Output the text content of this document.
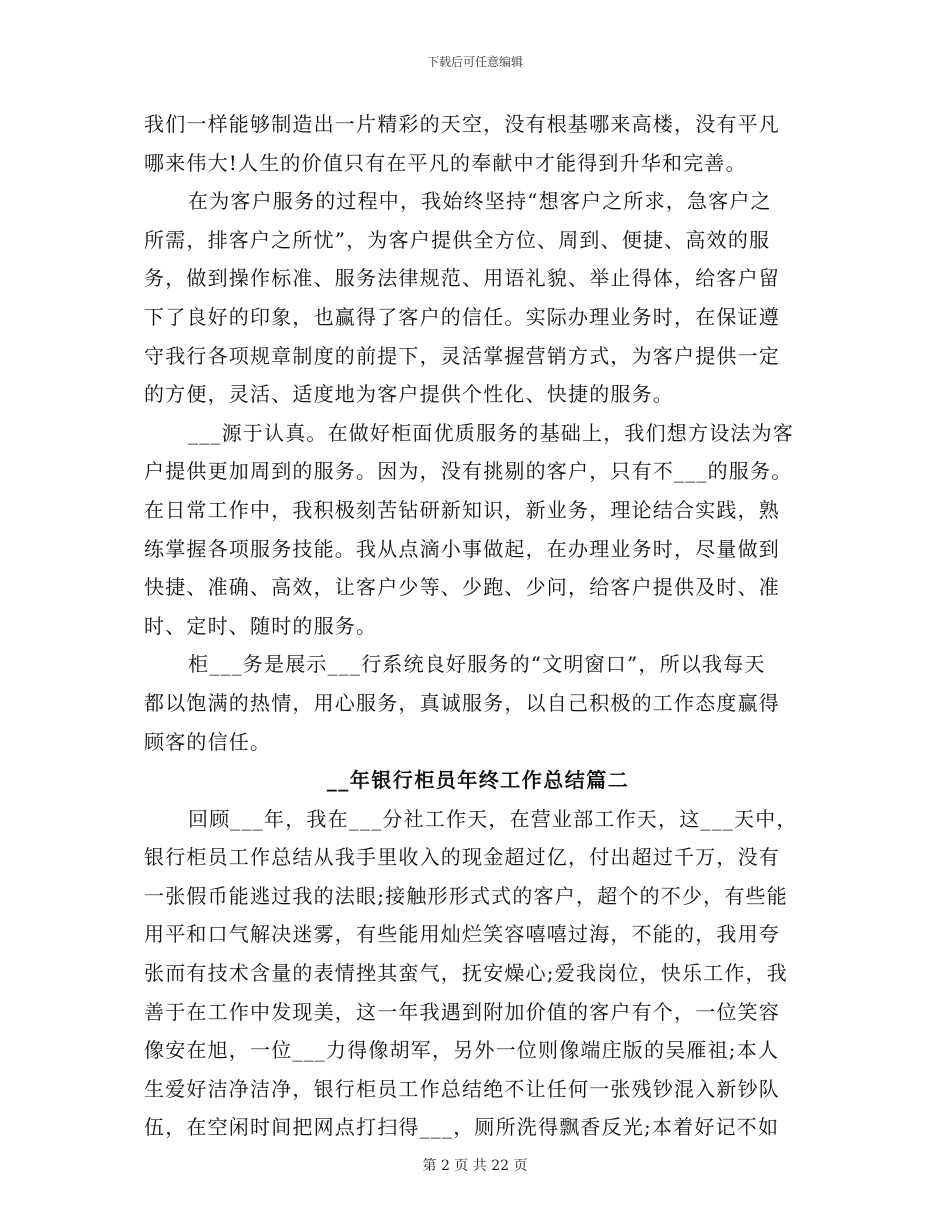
下载后可任意编辑
我们一样能够制造出一片精彩的天空，没有根基哪来高楼，没有平凡
哪来伟大!人生的价值只有在平凡的奉献中才能得到升华和完善。
在为客户服务的过程中，我始终坚持“想客户之所求，急客户之
所需，排客户之所忧”，为客户提供全方位、周到、便捷、高效的服
务，做到操作标准、服务法律规范、用语礼貌、举止得体，给客户留
下了良好的印象，也赢得了客户的信任。实际办理业务时，在保证遵
守我行各项规章制度的前提下，灵活掌握营销方式，为客户提供一定
的方便，灵活、适度地为客户提供个性化、快捷的服务。
___源于认真。在做好柜面优质服务的基础上，我们想方设法为客
户提供更加周到的服务。因为，没有挑剔的客户，只有不___的服务。
在日常工作中，我积极刻苦钻研新知识，新业务，理论结合实践，熟
练掌握各项服务技能。我从点滴小事做起，在办理业务时，尽量做到
快捷、准确、高效，让客户少等、少跑、少问，给客户提供及时、准
时、定时、随时的服务。
柜___务是展示___行系统良好服务的“文明窗口”，所以我每天
都以饱满的热情，用心服务，真诚服务，以自己积极的工作态度赢得
顾客的信任。
__年银行柜员年终工作总结篇二
回顾___年，我在___分社工作天，在营业部工作天，这___天中，
银行柜员工作总结从我手里收入的现金超过亿，付出超过千万，没有
一张假币能逃过我的法眼;接触形形式式的客户，超个的不少，有些能
用平和口气解决迷雾，有些能用灿烂笑容嘻嘻过海，不能的，我用夸
张而有技术含量的表情挫其蛮气，抚安燥心;爱我岗位，快乐工作，我
善于在工作中发现美，这一年我遇到附加价值的客户有个，一位笑容
像安在旭，一位___力得像胡军，另外一位则像端庄版的吴雁祖;本人
生爱好洁净洁净，银行柜员工作总结绝不让任何一张残钞混入新钞队
伍，在空闲时间把网点打扫得___，厕所洗得飘香反光;本着好记不如
第 2 页 共 22 页
